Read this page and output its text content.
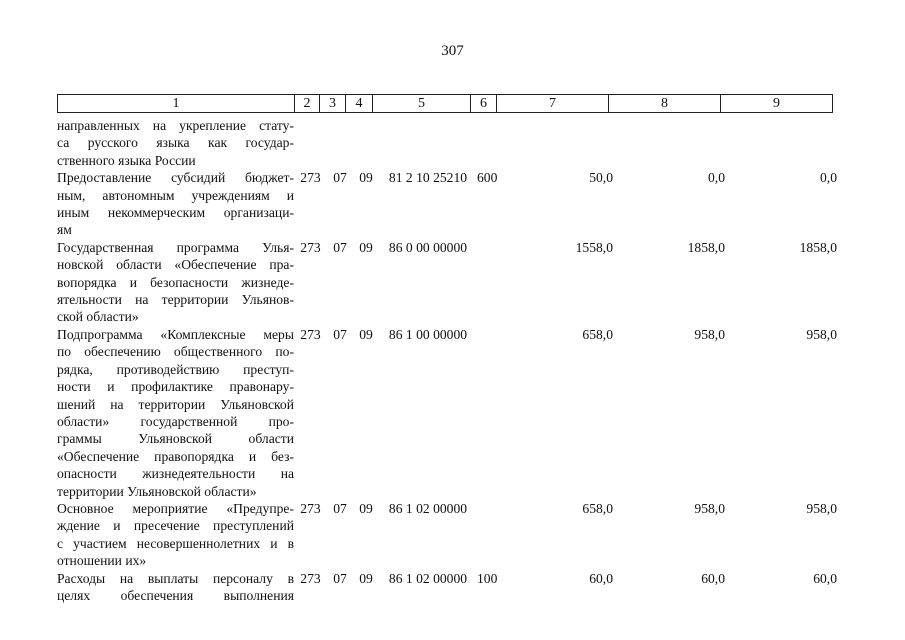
307
1	2	3	4	5	6	7	8	9
направленных на укрепление стату-
са русского языка как государ-
ственного языка России
Предоставление субсидий бюджет-
ным, автономным учреждениям и
иным некоммерческим организаци-
ям
273 07 09	81 2 10 25210 600	50,0	0,0	0,0
Государственная программа Улья-
новской области «Обеспечение пра-
вопорядка и безопасности жизнеде-
ятельности на территории Ульянов-
ской области»
273 07 09	86 0 00 00000	1558,0	1858,0	1858,0
Подпрограмма «Комплексные меры
по обеспечению общественного по-
рядка, противодействию преступ-
ности и профилактике правонару-
шений на территории Ульяновской
области» государственной про-
граммы Ульяновской области
«Обеспечение правопорядка и без-
опасности жизнедеятельности на
территории Ульяновской области»
273 07 09	86 1 00 00000	658,0	958,0	958,0
Основное мероприятие «Предупре-
ждение и пресечение преступлений
с участием несовершеннолетних и в
отношении их»
273 07 09	86 1 02 00000	658,0	958,0	958,0
Расходы на выплаты персоналу в
целях обеспечения выполнения
273 07 09	86 1 02 00000 100	60,0	60,0	60,0
